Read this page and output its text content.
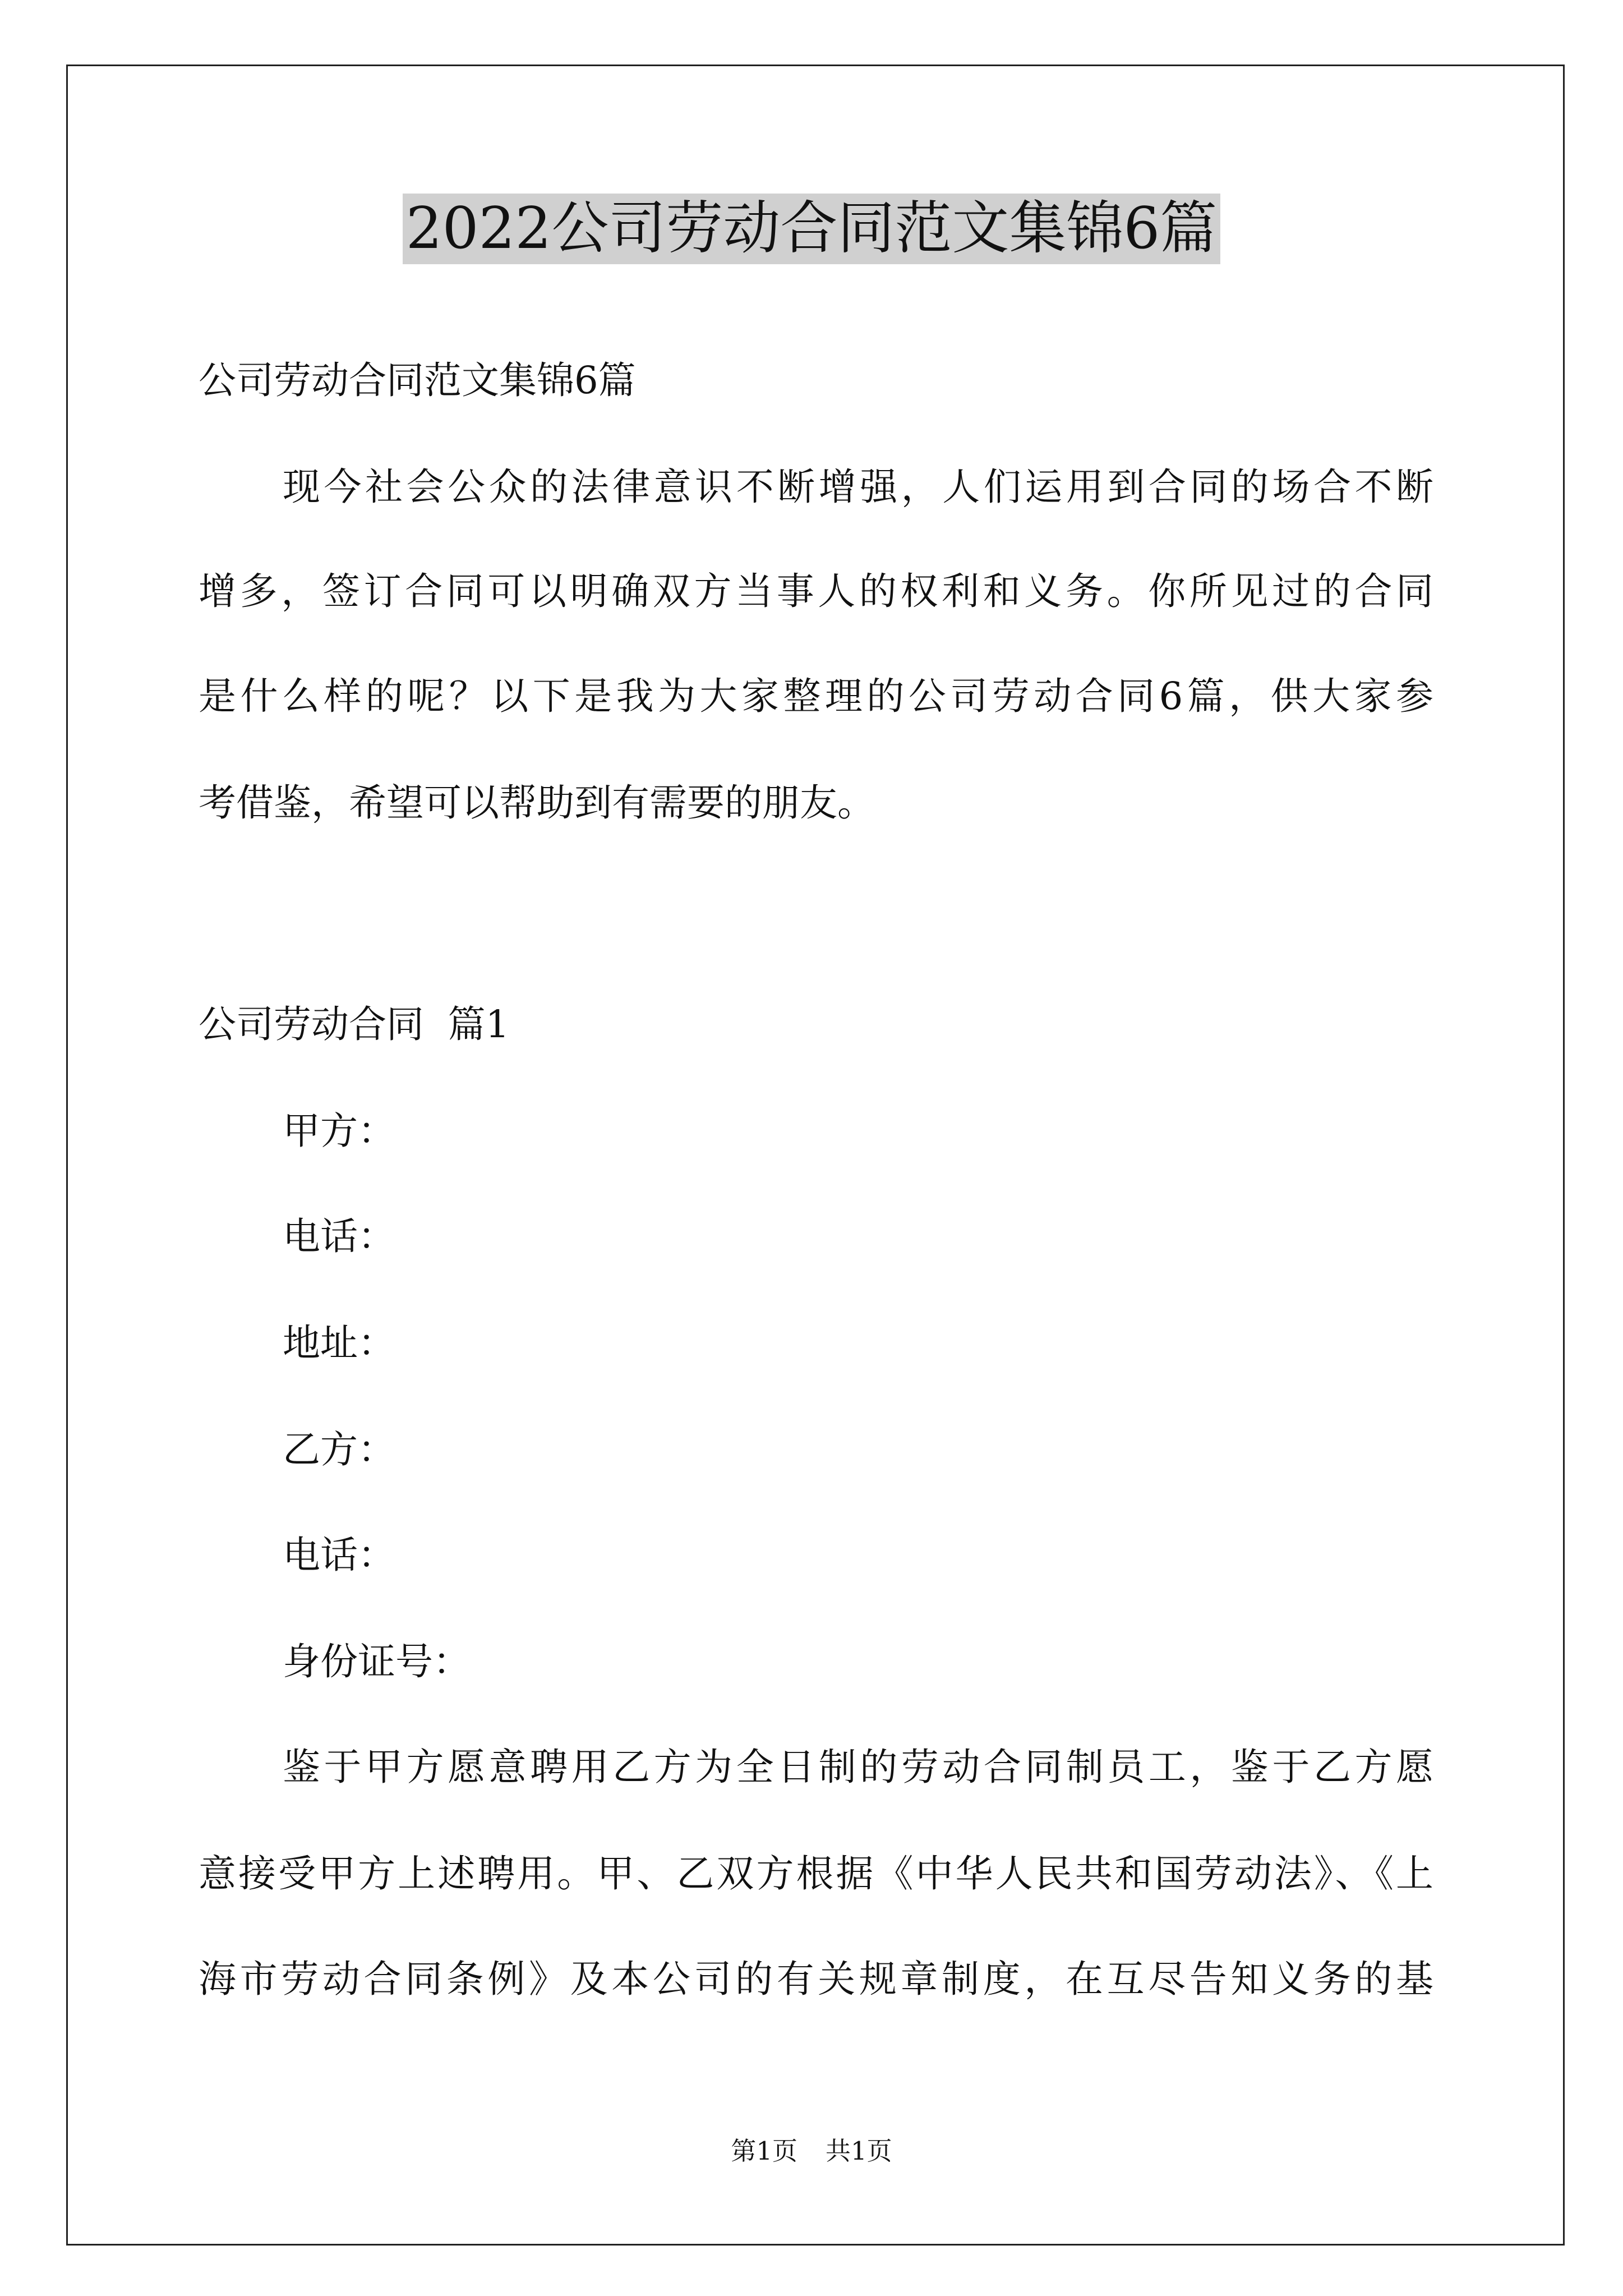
2022公司劳动合同范文集锦6篇
公司劳动合同范文集锦6篇
现今社会公众的法律意识不断增强，人们运用到合同的场合不断
增多，签订合同可以明确双方当事人的权利和义务。你所见过的合同
是什么样的呢？以下是我为大家整理的公司劳动合同6篇，供大家参
考借鉴，希望可以帮助到有需要的朋友。
公司劳动合同  篇1
甲方：
电话：
地址：
乙方：
电话：
身份证号：
鉴于甲方愿意聘用乙方为全日制的劳动合同制员工，鉴于乙方愿
意接受甲方上述聘用。甲、乙双方根据《中华人民共和国劳动法》、《上
海市劳动合同条例》及本公司的有关规章制度，在互尽告知义务的基
第1页 共1页
